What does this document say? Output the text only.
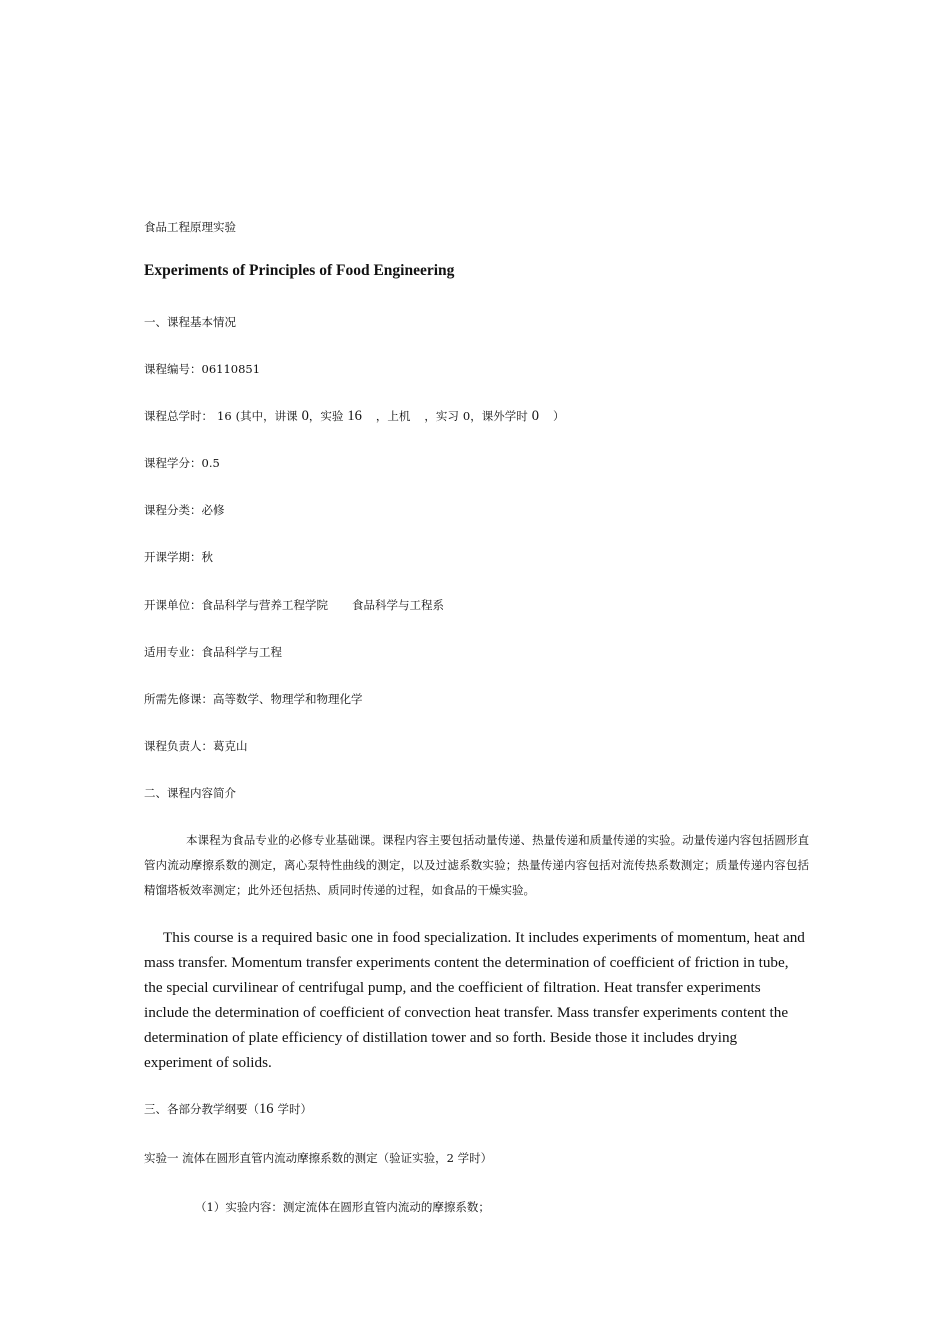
食品工程原理实验
Experiments of Principles of Food Engineering
一、课程基本情况
课程编号：06110851
课程总学时： 16 (其中，讲课 0，实验 16 ，上机 ，实习 0，课外学时 0 ）
课程学分：0.5
课程分类：必修
开课学期：秋
开课单位：食品科学与营养工程学院 食品科学与工程系
适用专业：食品科学与工程
所需先修课：高等数学、物理学和物理化学
课程负责人：葛克山
二、课程内容简介
本课程为食品专业的必修专业基础课。课程内容主要包括动量传递、热量传递和质量传递的实验。动量传递内容包括圆形直管内流动摩擦系数的测定，离心泵特性曲线的测定，以及过滤系数实验；热量传递内容包括对流传热系数测定；质量传递内容包括精馏塔板效率测定；此外还包括热、质同时传递的过程，如食品的干燥实验。
This course is a required basic one in food specialization. It includes experiments of momentum, heat and mass transfer. Momentum transfer experiments content the determination of coefficient of friction in tube, the special curvilinear of centrifugal pump, and the coefficient of filtration. Heat transfer experiments include the determination of coefficient of convection heat transfer. Mass transfer experiments content the determination of plate efficiency of distillation tower and so forth. Beside those it includes drying experiment of solids.
三、各部分教学纲要（16 学时）
实验一 流体在圆形直管内流动摩擦系数的测定（验证实验，2 学时）
（1）实验内容：测定流体在圆形直管内流动的摩擦系数；
